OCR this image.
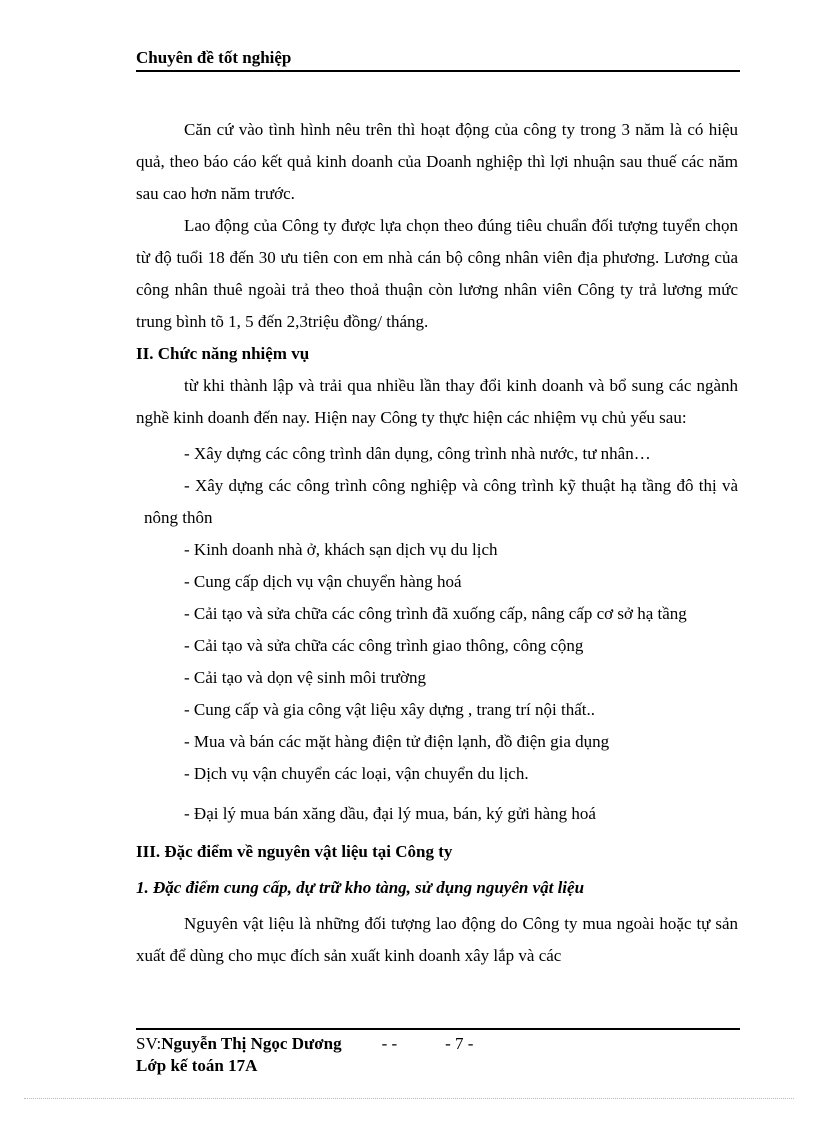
Chuyên đề tốt nghiệp

Căn cứ vào tình hình nêu trên thì hoạt động của công ty trong 3 năm là có hiệu quả, theo báo cáo kết quả kinh doanh của Doanh nghiệp thì lợi nhuận sau thuế các năm sau cao hơn năm trước.

Lao động của Công ty được lựa chọn theo đúng tiêu chuẩn đối tượng tuyển chọn từ độ tuổi 18 đến 30 ưu tiên con em nhà cán bộ công nhân viên địa phương. Lương của công nhân thuê ngoài trả theo thoả thuận còn lương nhân viên Công ty trả lương mức trung bình tõ 1, 5 đến 2,3triệu đồng/ tháng.

II. Chức năng nhiệm vụ

từ khi thành lập và trải qua nhiều lần thay đổi kinh doanh và bổ sung các ngành nghề kinh doanh đến nay. Hiện nay Công ty thực hiện các nhiệm vụ chủ yếu sau:

- Xây dựng các công trình dân dụng, công trình nhà nước, tư nhân…

- Xây dựng các công trình công nghiệp và công trình kỹ thuật hạ tầng đô thị và nông thôn

- Kinh doanh nhà ở, khách sạn dịch vụ du lịch

- Cung cấp dịch vụ vận chuyển hàng hoá

- Cải tạo và sửa chữa các công trình đã xuống cấp, nâng cấp cơ sở hạ tầng

- Cải tạo và sửa chữa các công trình giao thông, công cộng

- Cải tạo và dọn vệ sinh môi trường

- Cung cấp và gia công vật liệu xây dựng , trang trí nội thất..

- Mua và bán các mặt hàng điện tử điện lạnh, đồ điện gia dụng

- Dịch vụ vận chuyển các loại, vận chuyển du lịch.

- Đại lý mua bán xăng dầu, đại lý mua, bán, ký gửi hàng hoá

III. Đặc điểm về nguyên vật liệu tại Công ty
1. Đặc điểm cung cấp, dự trữ kho tàng, sử dụng nguyên vật liệu

Nguyên vật liệu là những đối tượng lao động do Công ty mua ngoài hoặc tự sản xuất để dùng cho mục đích sản xuất kinh doanh xây lắp và các

SV: Nguyễn Thị Ngọc Dương - -	- 7 -
Lớp kế toán 17A
